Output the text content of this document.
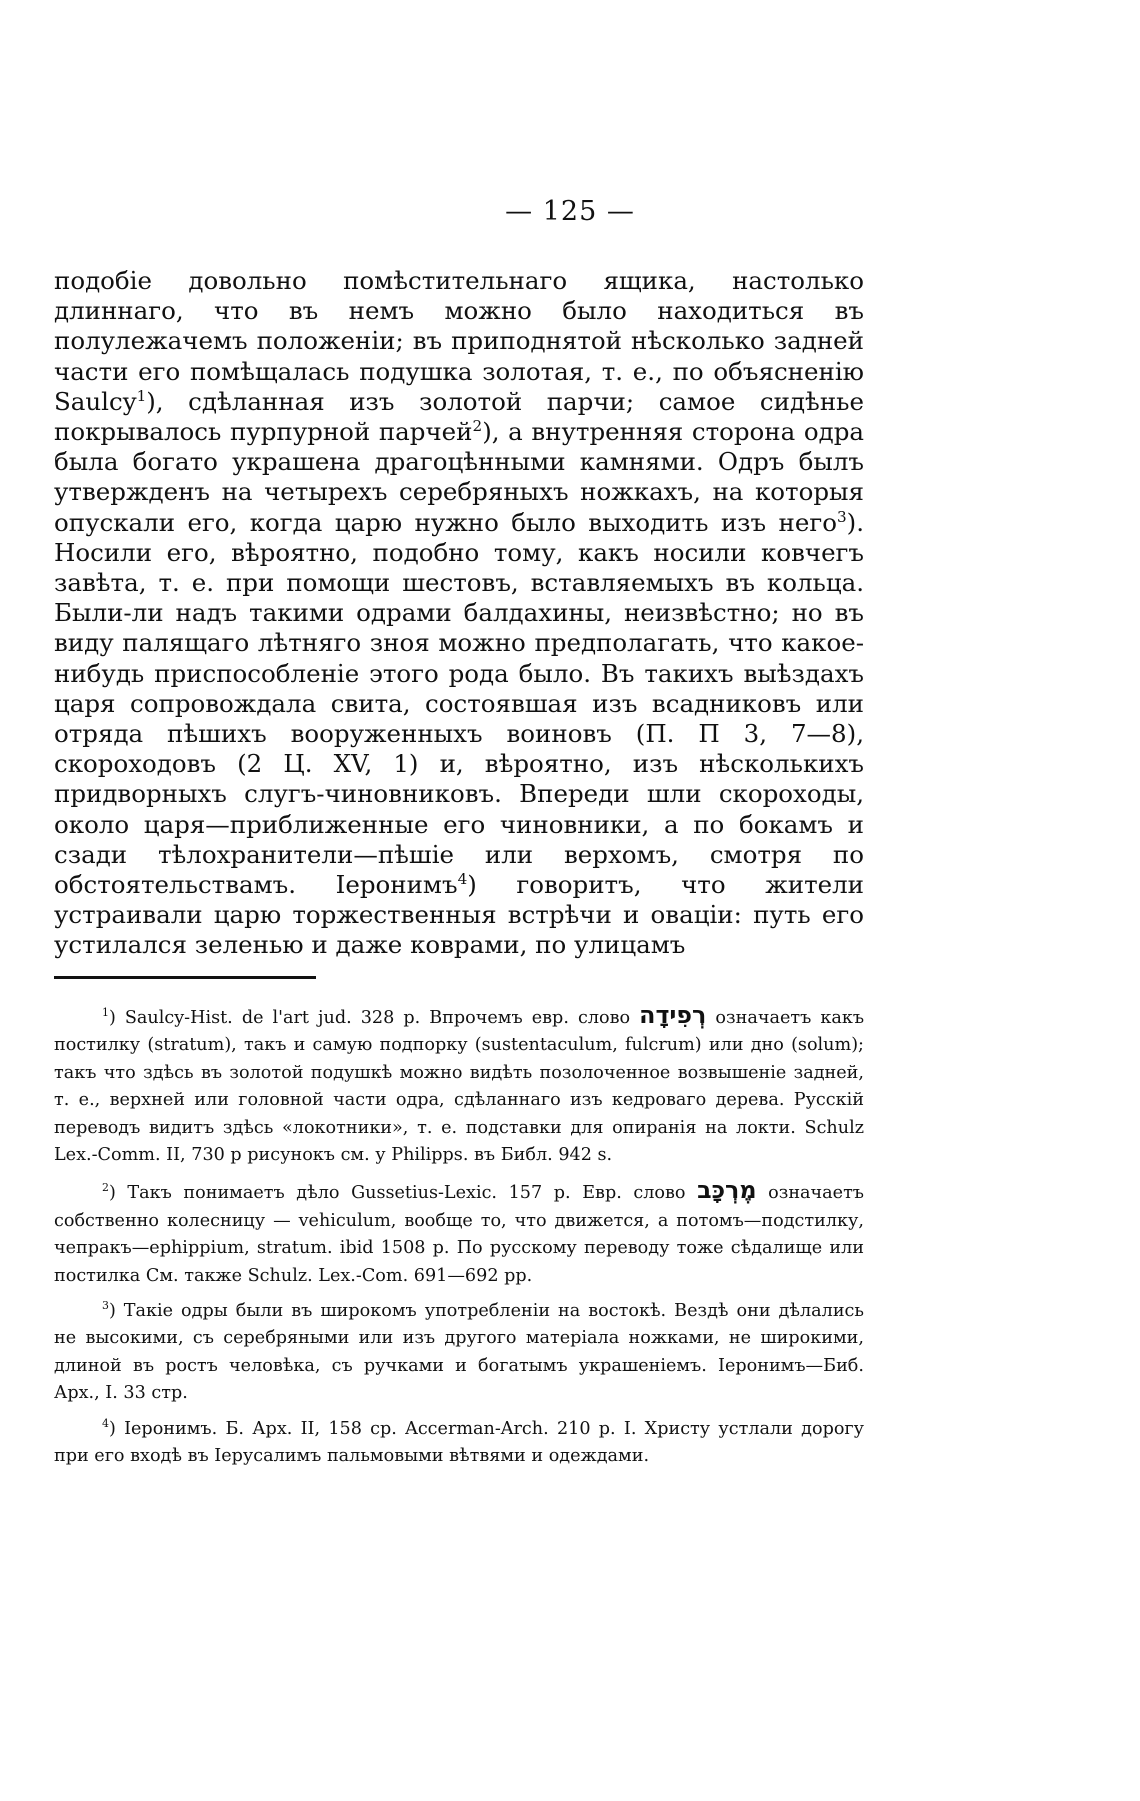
— 125 —

подобіе довольно помѣстительнаго ящика, настолько длиннаго, что въ немъ можно было находиться въ полулежачемъ положеніи; въ приподнятой нѣсколько задней части его помѣщалась подушка золотая, т. е., по объясненію Saulcy$^1$), сдѣланная изъ золотой парчи; самое сидѣнье покрывалось пурпурной парчей$^2$), а внутренняя сторона одра была богато украшена драгоцѣнными камнями. Одръ былъ утвержденъ на четырехъ серебряныхъ ножкахъ, на которыя опускали его, когда царю нужно было выходить изъ него$^3$). Носили его, вѣроятно, подобно тому, какъ носили ковчегъ завѣта, т. е. при помощи шестовъ, вставляемыхъ въ кольца. Были-ли надъ такими одрами балдахины, неизвѣстно; но въ виду палящаго лѣтняго зноя можно предполагать, что какое-нибудь приспособленіе этого рода было. Въ такихъ выѣздахъ царя сопровождала свита, состоявшая изъ всадниковъ или отряда пѣшихъ вооруженныхъ воиновъ (П. П 3, 7—8), скороходовъ (2 Ц. XV, 1) и, вѣроятно, изъ нѣсколькихъ придворныхъ слугъ-чиновниковъ. Впереди шли скороходы, около царя—приближенные его чиновники, а по бокамъ и сзади тѣлохранители—пѣшіе или верхомъ, смотря по обстоятельствамъ. Іеронимъ$^4$) говоритъ, что жители устраивали царю торжественныя встрѣчи и оваціи: путь его устилался зеленью и даже коврами, по улицамъ

$^1$) Saulcy-Hist. de l'art jud. 328 p. Впрочемъ евр. слово רְפִידָה означаетъ какъ постилку (stratum), такъ и самую подпорку (sustentaculum, fulcrum) или дно (solum); такъ что здѣсь въ золотой подушкѣ можно видѣть позолоченное возвышеніе задней, т. е., верхней или головной части одра, сдѣланнаго изъ кедроваго дерева. Русскій переводъ видитъ здѣсь «локотники», т. е. подставки для опиранія на локти. Schulz Lex.-Comm. II, 730 p рисунокъ см. у Philipps. въ Библ. 942 s.

$^2$) Такъ понимаетъ дѣло Gussetius-Lexic. 157 p. Евр. слово מֶרְכָּב означаетъ собственно колесницу — vehiculum, вообще то, что движется, а потомъ—подстилку, чепракъ—ephippium, stratum. ibid 1508 p. По русскому переводу тоже сѣдалище или постилка См. также Schulz. Lex.-Com. 691—692 pp.

$^3$) Такіе одры были въ широкомъ употребленіи на востокѣ. Вездѣ они дѣлались не высокими, съ серебряными или изъ другого матеріала ножками, не широкими, длиной въ ростъ человѣка, съ ручками и богатымъ украшеніемъ. Іеронимъ—Биб. Арх., I. 33 стр.

$^4$) Іеронимъ. Б. Арх. II, 158 ср. Accerman-Arch. 210 p. I. Христу устлали дорогу при его входѣ въ Іерусалимъ пальмовыми вѣтвями и одеждами.
